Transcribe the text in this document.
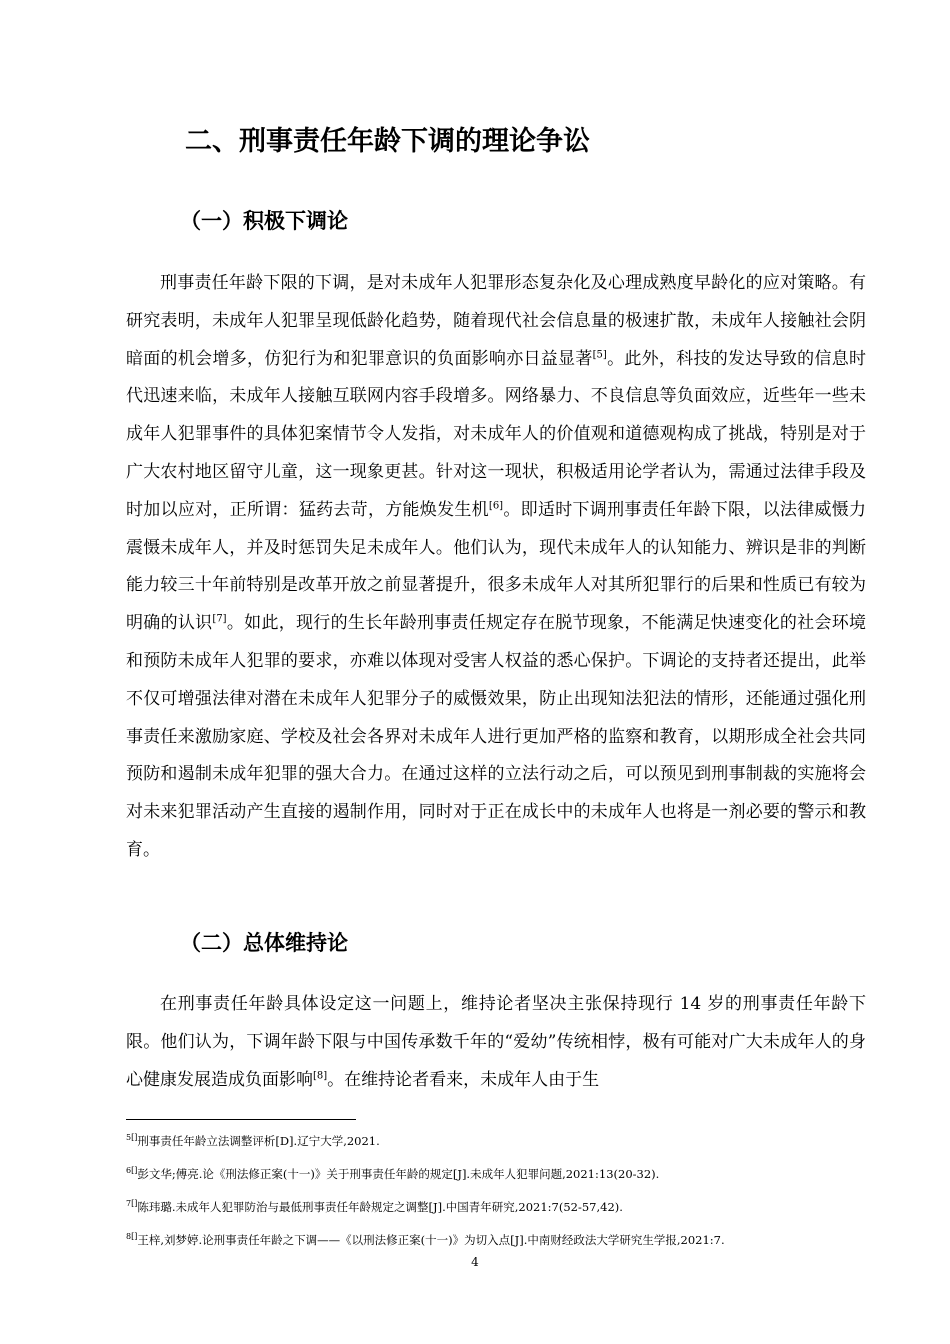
二、刑事责任年龄下调的理论争讼
（一）积极下调论
刑事责任年龄下限的下调，是对未成年人犯罪形态复杂化及心理成熟度早龄化的应对策略。有研究表明，未成年人犯罪呈现低龄化趋势，随着现代社会信息量的极速扩散，未成年人接触社会阴暗面的机会增多，仿犯行为和犯罪意识的负面影响亦日益显著[5]。此外，科技的发达导致的信息时代迅速来临，未成年人接触互联网内容手段增多。网络暴力、不良信息等负面效应，近些年一些未成年人犯罪事件的具体犯案情节令人发指，对未成年人的价值观和道德观构成了挑战，特别是对于广大农村地区留守儿童，这一现象更甚。针对这一现状，积极适用论学者认为，需通过法律手段及时加以应对，正所谓：猛药去苛，方能焕发生机[6]。即适时下调刑事责任年龄下限，以法律威慑力震慑未成年人，并及时惩罚失足未成年人。他们认为，现代未成年人的认知能力、辨识是非的判断能力较三十年前特别是改革开放之前显著提升，很多未成年人对其所犯罪行的后果和性质已有较为明确的认识[7]。如此，现行的生长年龄刑事责任规定存在脱节现象，不能满足快速变化的社会环境和预防未成年人犯罪的要求，亦难以体现对受害人权益的悉心保护。下调论的支持者还提出，此举不仅可增强法律对潜在未成年人犯罪分子的威慑效果，防止出现知法犯法的情形，还能通过强化刑事责任来激励家庭、学校及社会各界对未成年人进行更加严格的监察和教育，以期形成全社会共同预防和遏制未成年犯罪的强大合力。在通过这样的立法行动之后，可以预见到刑事制裁的实施将会对未来犯罪活动产生直接的遏制作用，同时对于正在成长中的未成年人也将是一剂必要的警示和教育。
（二）总体维持论
在刑事责任年龄具体设定这一问题上，维持论者坚决主张保持现行 14 岁的刑事责任年龄下限。他们认为，下调年龄下限与中国传承数千年的“爱幼”传统相悖，极有可能对广大未成年人的身心健康发展造成负面影响[8]。在维持论者看来，未成年人由于生
$^{5[]}$刑事责任年龄立法调整评析[D].辽宁大学,2021.
$^{6[]}$彭文华;傅亮.论《刑法修正案(十一)》关于刑事责任年龄的规定[J].未成年人犯罪问题,2021:13(20-32).
$^{7[]}$陈玮璐.未成年人犯罪防治与最低刑事责任年龄规定之调整[J].中国青年研究,2021:7(52-57,42).
$^{8[]}$王梓,刘梦婷.论刑事责任年龄之下调——《以刑法修正案(十一)》为切入点[J].中南财经政法大学研究生学报,2021:7.
4
